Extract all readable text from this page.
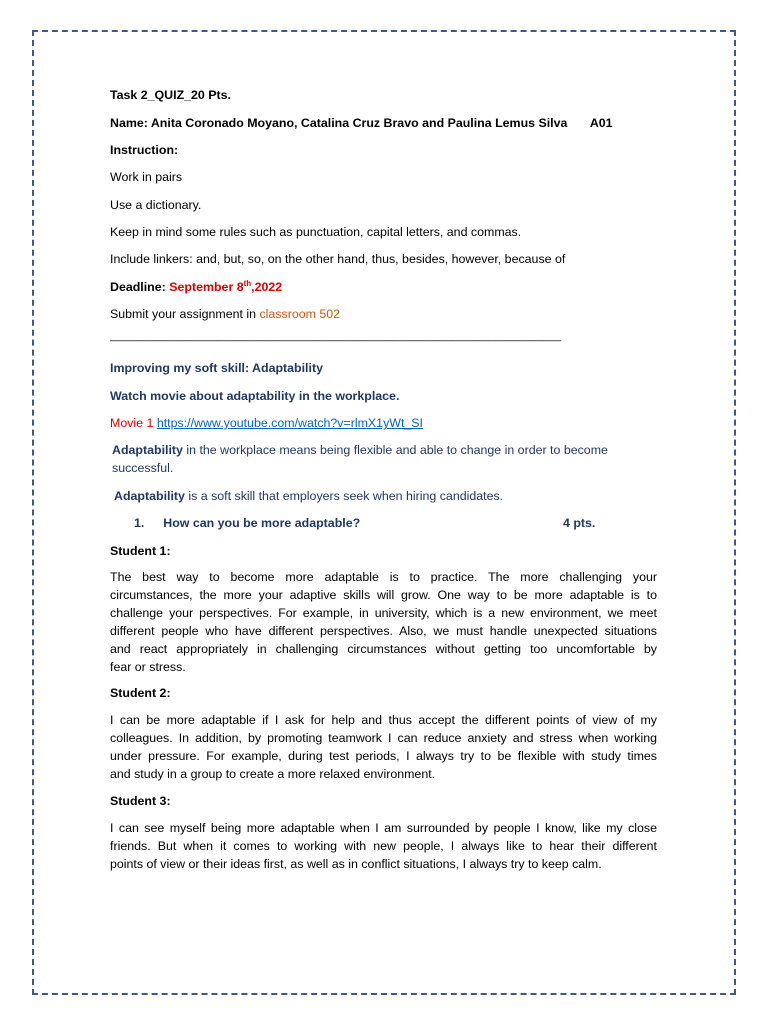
Task 2_QUIZ_20 Pts.
Name: Anita Coronado Moyano, Catalina Cruz Bravo and Paulina Lemus Silva A01
Instruction:
Work in pairs
Use a dictionary.
Keep in mind some rules such as punctuation, capital letters, and commas.
Include linkers: and, but, so, on the other hand, thus, besides, however, because of
Deadline: September 8th,2022
Submit your assignment in classroom 502
________________________________________________________________________
Improving my soft skill: Adaptability
Watch movie about adaptability in the workplace.
Movie 1 https://www.youtube.com/watch?v=rlmX1yWt_SI
Adaptability in the workplace means being flexible and able to change in order to become
successful.
Adaptability is a soft skill that employers seek when hiring candidates.
1. How can you be more adaptable?	4 pts.
Student 1:
The best way to become more adaptable is to practice. The more challenging your
circumstances, the more your adaptive skills will grow. One way to be more adaptable is to
challenge your perspectives. For example, in university, which is a new environment, we meet
different people who have different perspectives. Also, we must handle unexpected situations
and react appropriately in challenging circumstances without getting too uncomfortable by
fear or stress.
Student 2:
I can be more adaptable if I ask for help and thus accept the different points of view of my
colleagues. In addition, by promoting teamwork I can reduce anxiety and stress when working
under pressure. For example, during test periods, I always try to be flexible with study times
and study in a group to create a more relaxed environment.
Student 3:
I can see myself being more adaptable when I am surrounded by people I know, like my close
friends. But when it comes to working with new people, I always like to hear their different
points of view or their ideas first, as well as in conflict situations, I always try to keep calm.
